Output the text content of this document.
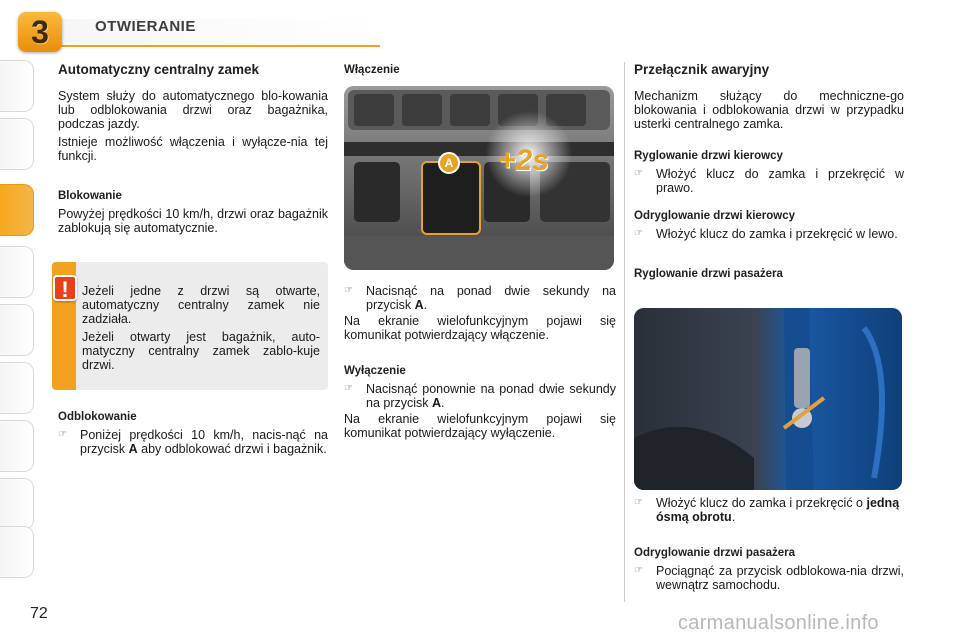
3	OTWIERANIE
Automatyczny centralny zamek

System służy do automatycznego blo-kowania lub odblokowania drzwi oraz bagażnika, podczas jazdy.

Istnieje możliwość włączenia i wyłącze-nia tej funkcji.

Blokowanie

Powyżej prędkości 10 km/h, drzwi oraz bagażnik zablokują się automatycznie.

!	Jeżeli jedne z drzwi są otwarte, automatyczny centralny zamek nie zadziała.

Jeżeli otwarty jest bagażnik, auto-matyczny centralny zamek zablo-kuje drzwi.

Odblokowanie
☞ Poniżej prędkości 10 km/h, nacis-nąć na przycisk A aby odblokować drzwi i bagażnik.
Włączenie
A +2s
☞ Nacisnąć na ponad dwie sekundy na przycisk A.

Na ekranie wielofunkcyjnym pojawi się komunikat potwierdzający włączenie.

Wyłączenie
☞ Nacisnąć ponownie na ponad dwie sekundy na przycisk A.

Na ekranie wielofunkcyjnym pojawi się komunikat potwierdzający wyłączenie.

Przełącznik awaryjny

Mechanizm służący do mechniczne-go blokowania i odblokowania drzwi w przypadku usterki centralnego zamka.

Ryglowanie drzwi kierowcy
☞ Włożyć klucz do zamka i przekręcić w prawo.
Odryglowanie drzwi kierowcy
☞ Włożyć klucz do zamka i przekręcić w lewo.
Ryglowanie drzwi pasażera
☞ Włożyć klucz do zamka i przekręcić o jedną ósmą obrotu.
Odryglowanie drzwi pasażera
☞ Pociągnąć za przycisk odblokowa-nia drzwi, wewnątrz samochodu.
72	carmanualsonline.info
